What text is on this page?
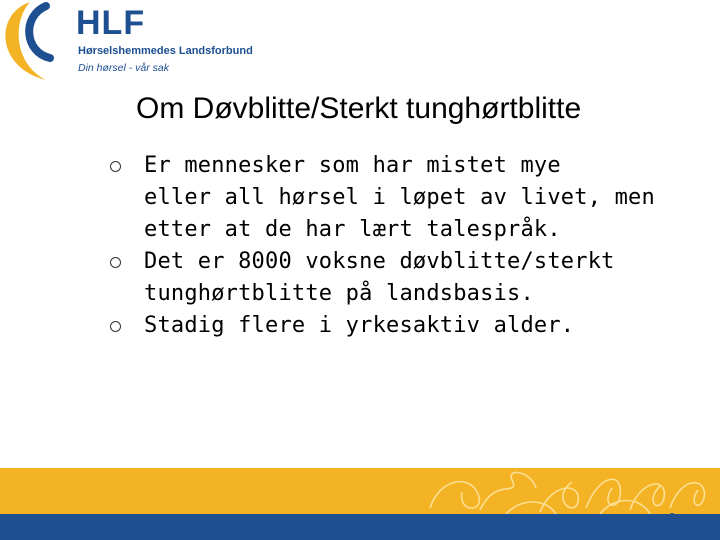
HLF
Hørselshemmedes Landsforbund
Din hørsel - vår sak
Om Døvblitte/Sterkt tunghørtblitte
Er mennesker som har mistet mye
eller all hørsel i løpet av livet, men
etter at de har lært talespråk.
Det er 8000 voksne døvblitte/sterkt
tunghørtblitte på landsbasis.
Stadig flere i yrkesaktiv alder.
9
